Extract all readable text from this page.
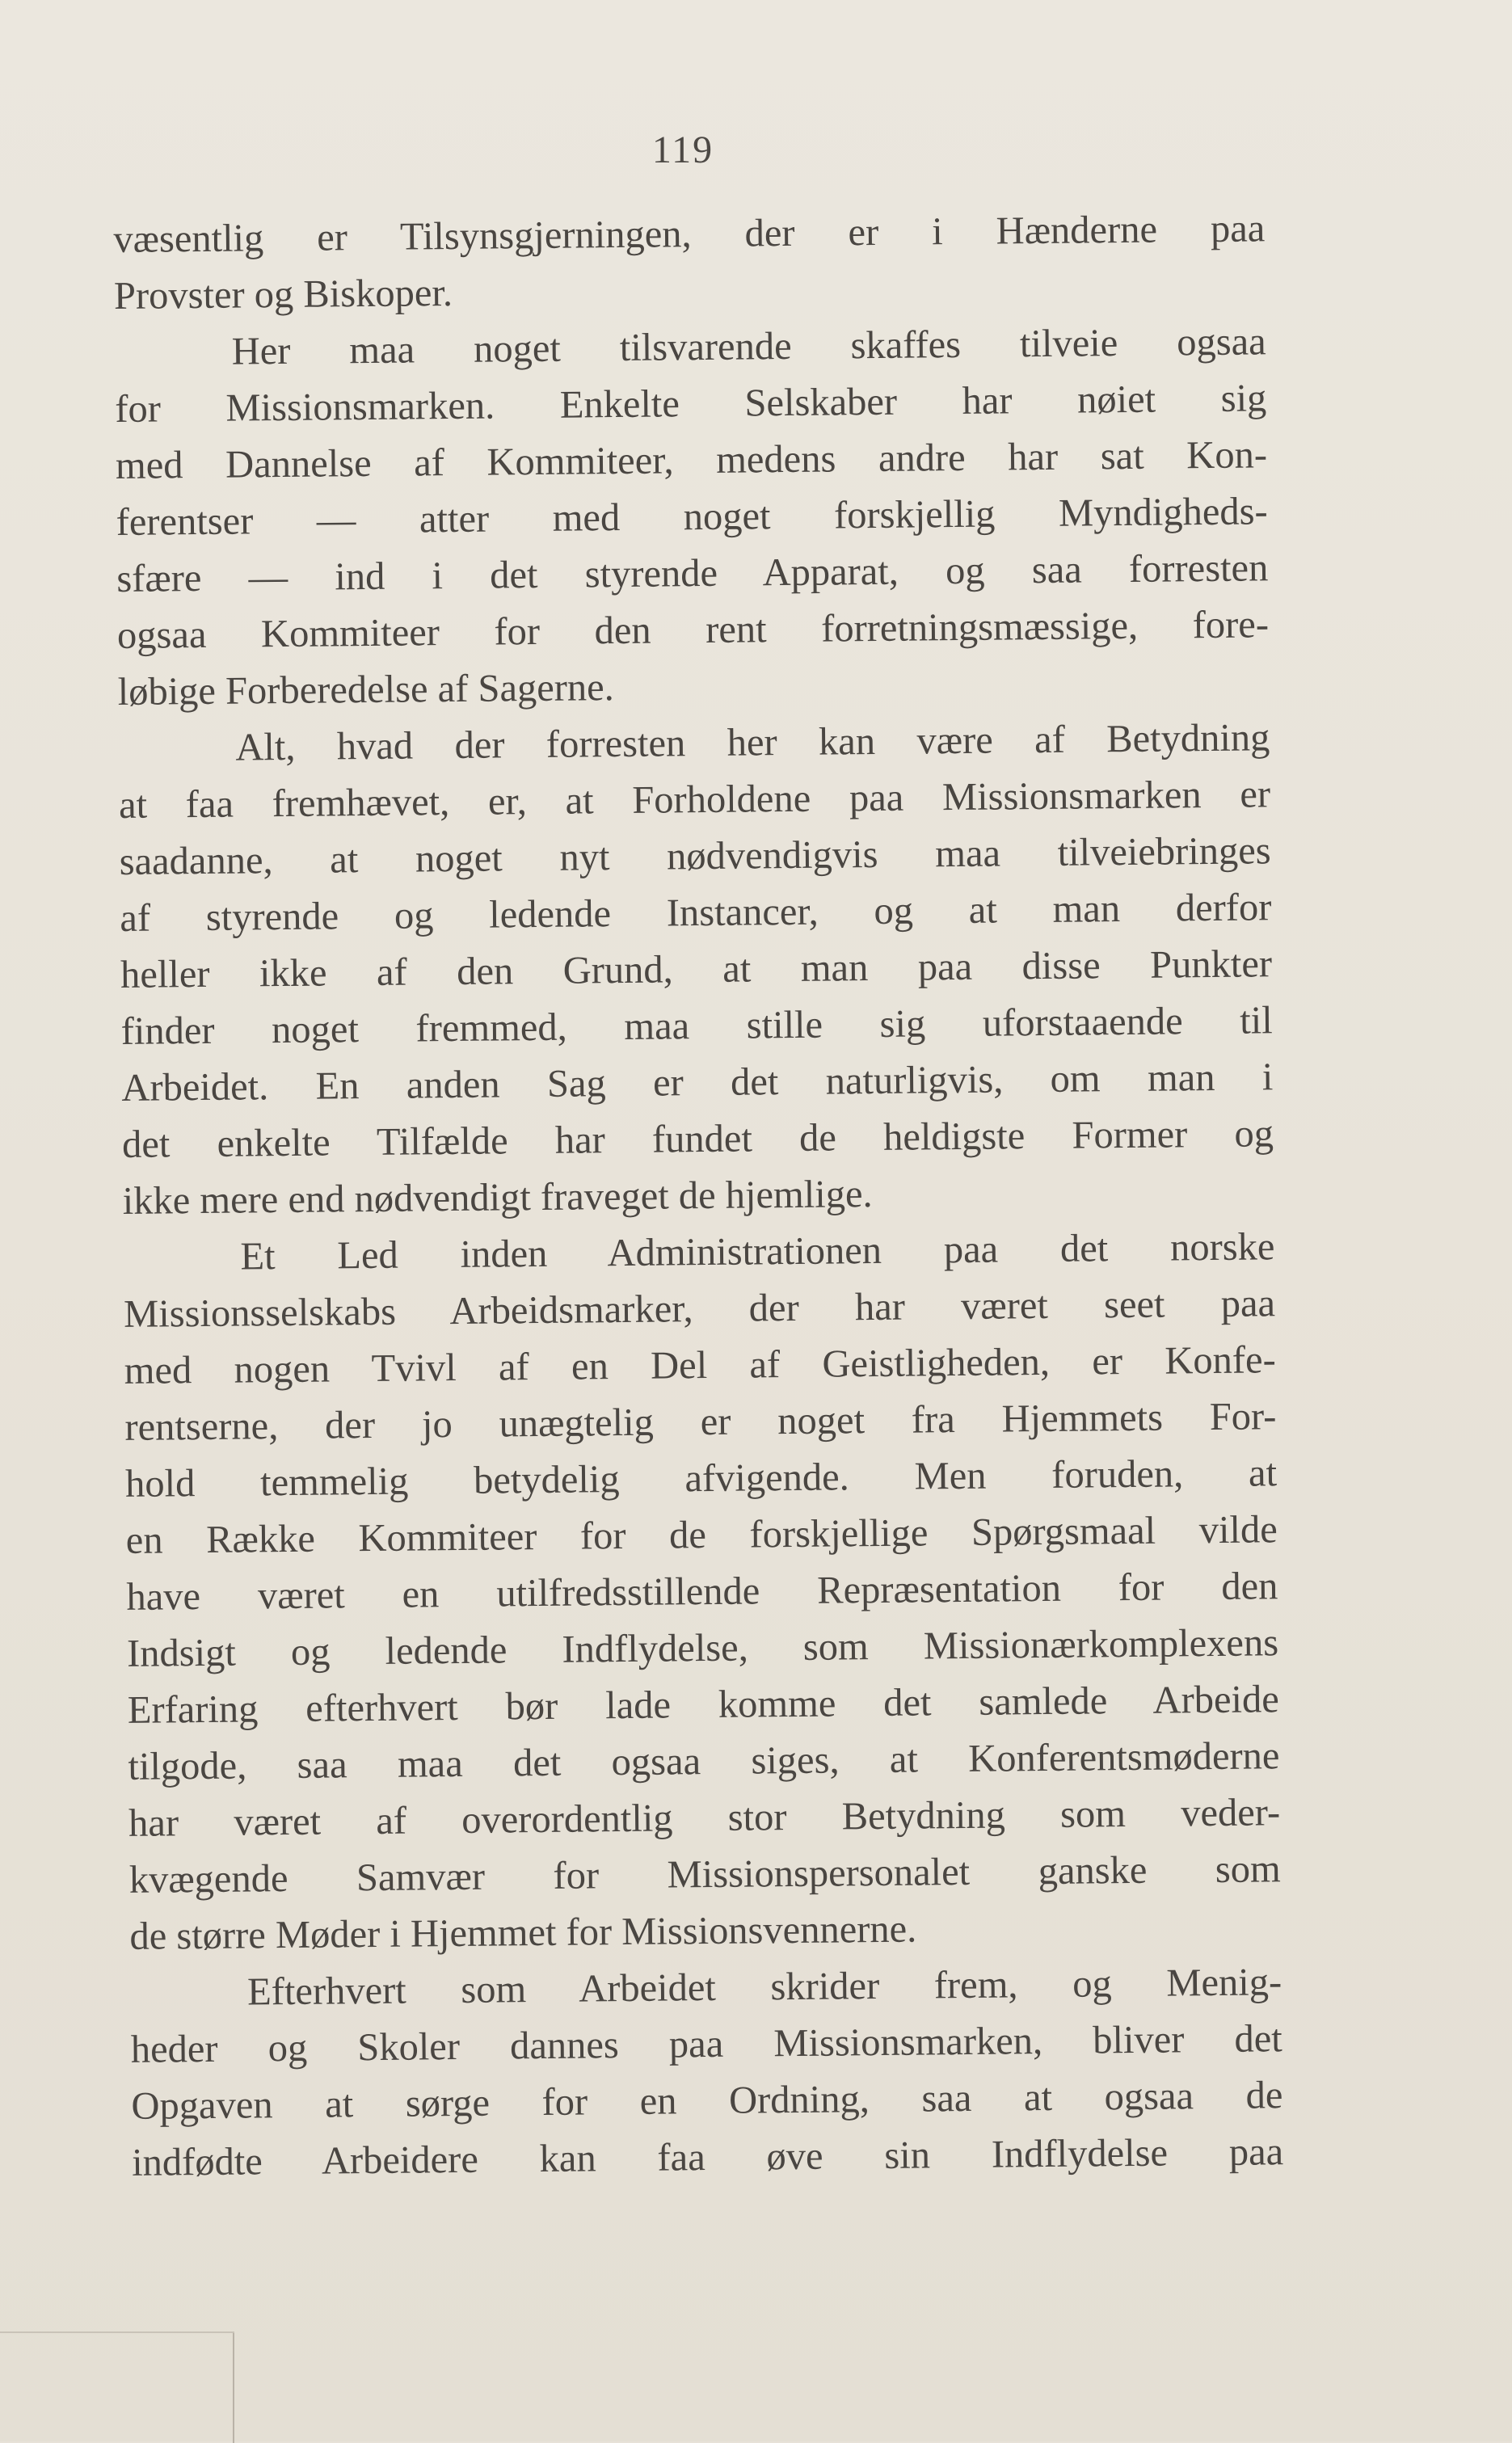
119
væsentlig er Tilsynsgjerningen, der er i Hænderne paa
Provster og Biskoper.
Her maa noget tilsvarende skaffes tilveie ogsaa
for Missionsmarken. Enkelte Selskaber har nøiet sig
med Dannelse af Kommiteer, medens andre har sat Kon-
ferentser — atter med noget forskjellig Myndigheds-
sfære — ind i det styrende Apparat, og saa forresten
ogsaa Kommiteer for den rent forretningsmæssige, fore-
løbige Forberedelse af Sagerne.
Alt, hvad der forresten her kan være af Betydning
at faa fremhævet, er, at Forholdene paa Missionsmarken er
saadanne, at noget nyt nødvendigvis maa tilveiebringes
af styrende og ledende Instancer, og at man derfor
heller ikke af den Grund, at man paa disse Punkter
finder noget fremmed, maa stille sig uforstaaende til
Arbeidet. En anden Sag er det naturligvis, om man i
det enkelte Tilfælde har fundet de heldigste Former og
ikke mere end nødvendigt fraveget de hjemlige.
Et Led inden Administrationen paa det norske
Missionsselskabs Arbeidsmarker, der har været seet paa
med nogen Tvivl af en Del af Geistligheden, er Konfe-
rentserne, der jo unægtelig er noget fra Hjemmets For-
hold temmelig betydelig afvigende. Men foruden, at
en Række Kommiteer for de forskjellige Spørgsmaal vilde
have været en utilfredsstillende Repræsentation for den
Indsigt og ledende Indflydelse, som Missionærkomplexens
Erfaring efterhvert bør lade komme det samlede Arbeide
tilgode, saa maa det ogsaa siges, at Konferentsmøderne
har været af overordentlig stor Betydning som veder-
kvægende Samvær for Missionspersonalet ganske som
de større Møder i Hjemmet for Missionsvennerne.
Efterhvert som Arbeidet skrider frem, og Menig-
heder og Skoler dannes paa Missionsmarken, bliver det
Opgaven at sørge for en Ordning, saa at ogsaa de
indfødte Arbeidere kan faa øve sin Indflydelse paa
